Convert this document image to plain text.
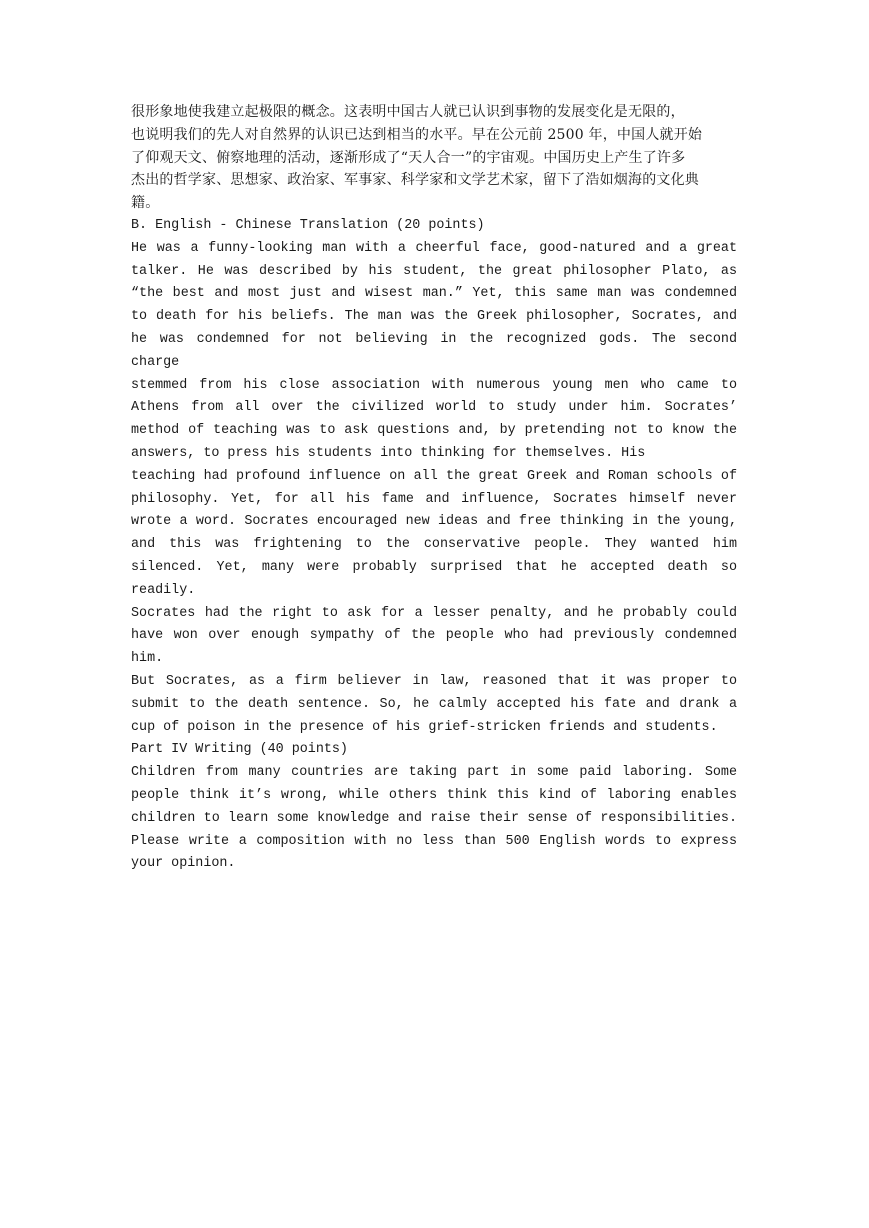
很形象地使我建立起极限的概念。这表明中国古人就已认识到事物的发展变化是无限的，
也说明我们的先人对自然界的认识已达到相当的水平。早在公元前 2500 年，中国人就开始
了仰观天文、俯察地理的活动，逐渐形成了“天人合一”的宇宙观。中国历史上产生了许多
杰出的哲学家、思想家、政治家、军事家、科学家和文学艺术家，留下了浩如烟海的文化典
籍。

B. English - Chinese Translation (20 points)

He was a funny-looking man with a cheerful face, good-natured and a great talker. He was described by his student, the great philosopher Plato, as “the best and most just and wisest man.” Yet, this same man was condemned to death for his beliefs. The man was the Greek philosopher, Socrates, and he was condemned for not believing in the recognized gods. The second charge

stemmed from his close association with numerous young men who came to Athens from all over the civilized world to study under him. Socrates’ method of teaching was to ask questions and, by pretending not to know the answers, to press his students into thinking for themselves. His

teaching had profound influence on all the great Greek and Roman schools of philosophy. Yet, for all his fame and influence, Socrates himself never wrote a word. Socrates encouraged new ideas and free thinking in the young, and this was frightening to the conservative people. They wanted him silenced. Yet, many were probably surprised that he accepted death so readily.

Socrates had the right to ask for a lesser penalty, and he probably could have won over enough sympathy of the people who had previously condemned him.

But Socrates, as a firm believer in law, reasoned that it was proper to submit to the death sentence. So, he calmly accepted his fate and drank a cup of poison in the presence of his grief-stricken friends and students.

Part IV Writing (40 points)

Children from many countries are taking part in some paid laboring. Some people think it’s wrong, while others think this kind of laboring enables children to learn some knowledge and raise their sense of responsibilities. Please write a composition with no less than 500 English words to express your opinion.
